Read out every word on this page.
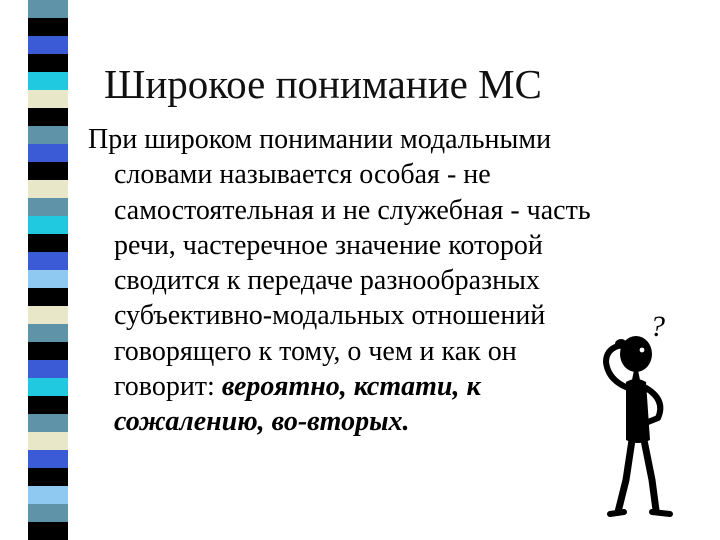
Широкое понимание МС

При широком понимании модальными
словами называется особая - не
самостоятельная и не служебная - часть
речи, частеречное значение которой
сводится к передаче разнообразных
субъективно-модальных отношений
говорящего к тому, о чем и как он
говорит: вероятно, кстати, к
сожалению, во-вторых.

?
